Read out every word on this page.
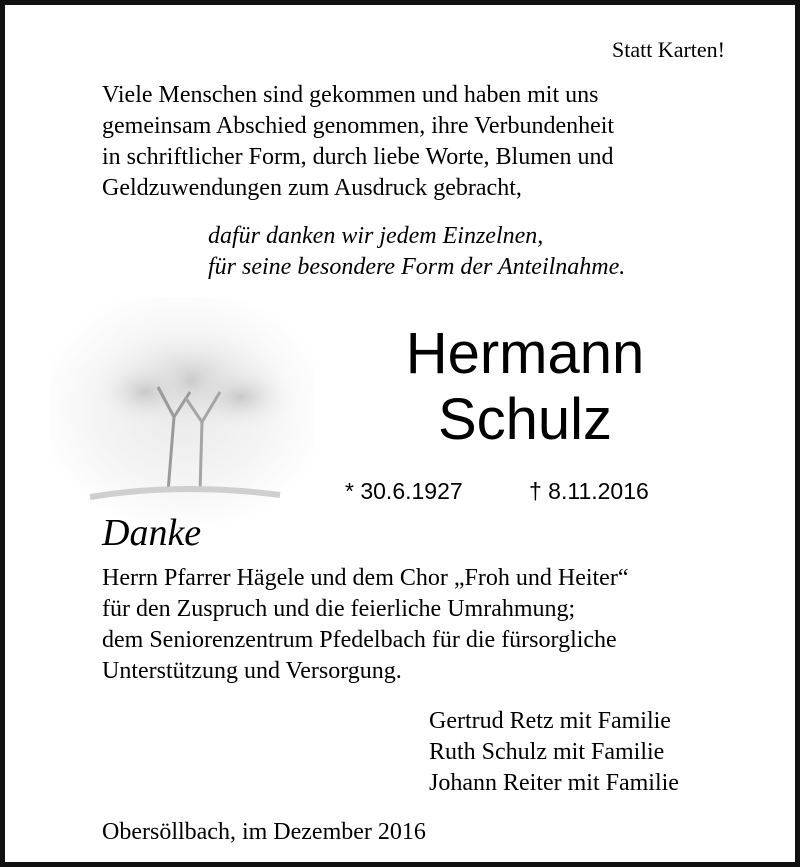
Statt Karten!
Viele Menschen sind gekommen und haben mit uns
gemeinsam Abschied genommen, ihre Verbundenheit
in schriftlicher Form, durch liebe Worte, Blumen und
Geldzuwendungen zum Ausdruck gebracht,
dafür danken wir jedem Einzelnen,
für seine besondere Form der Anteilnahme.
Hermann
Schulz
* 30.6.1927	† 8.11.2016
Danke
Herrn Pfarrer Hägele und dem Chor „Froh und Heiter“
für den Zuspruch und die feierliche Umrahmung;
dem Seniorenzentrum Pfedelbach für die fürsorgliche
Unterstützung und Versorgung.
Gertrud Retz mit Familie
Ruth Schulz mit Familie
Johann Reiter mit Familie
Obersöllbach, im Dezember 2016
